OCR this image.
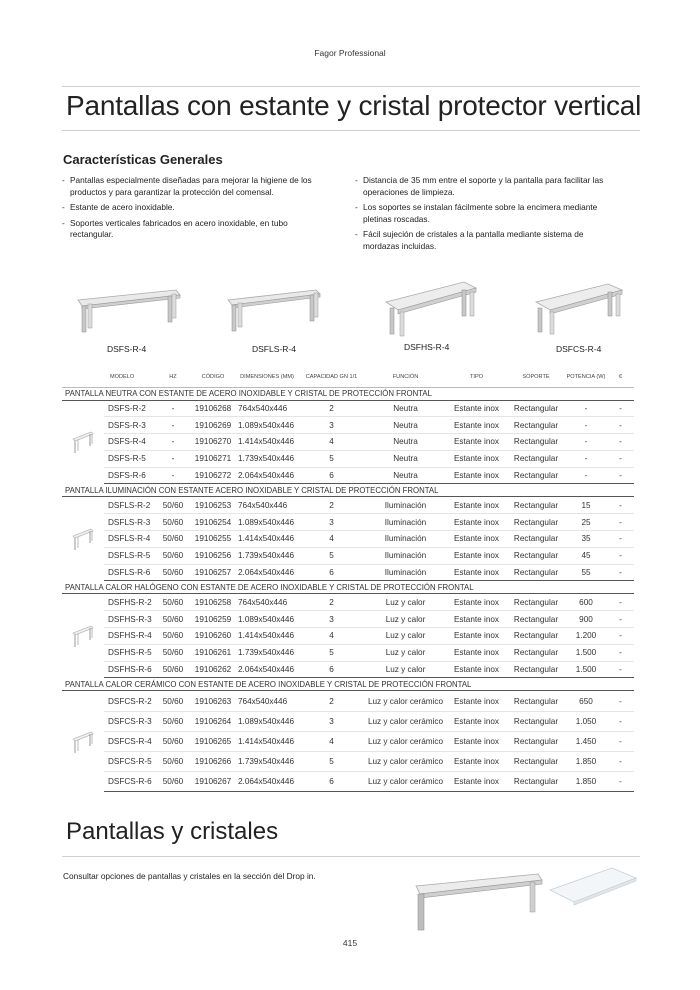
Fagor Professional
Pantallas con estante y cristal protector vertical
Características Generales
- Pantallas especialmente diseñadas para mejorar la higiene de los productos y para garantizar la protección del comensal.
- Estante de acero inoxidable.
- Soportes verticales fabricados en acero inoxidable, en tubo rectangular.
- Distancia de 35 mm entre el soporte y la pantalla para facilitar las operaciones de limpieza.
- Los soportes se instalan fácilmente sobre la encimera mediante pletinas roscadas.
- Fácil sujeción de cristales a la pantalla mediante sistema de mordazas incluidas.
DSFS-R-4	DSFLS-R-4	DSFHS-R-4	DSFCS-R-4
MODELO		HZ	CÓDIGO	DIMENSIONES (MM)	CAPACIDAD GN 1/1	FUNCIÓN	TIPO	SOPORTE	POTENCIA (W)	€
PANTALLA NEUTRA CON ESTANTE DE ACERO INOXIDABLE Y CRISTAL DE PROTECCIÓN FRONTAL										

	DSFS-R-2	-	19106268	764x540x446	2	Neutra	Estante inox	Rectangular	-	-
	DSFS-R-3	-	19106269	1.089x540x446	3	Neutra	Estante inox	Rectangular	-	-
	DSFS-R-4	-	19106270	1.414x540x446	4	Neutra	Estante inox	Rectangular	-	-
	DSFS-R-5	-	19106271	1.739x540x446	5	Neutra	Estante inox	Rectangular	-	-
	DSFS-R-6	-	19106272	2.064x540x446	6	Neutra	Estante inox	Rectangular	-	-
PANTALLA ILUMINACIÓN CON ESTANTE ACERO INOXIDABLE Y CRISTAL DE PROTECCIÓN FRONTAL										

	DSFLS-R-2	50/60	19106253	764x540x446	2	Iluminación	Estante inox	Rectangular	15	-
	DSFLS-R-3	50/60	19106254	1.089x540x446	3	Iluminación	Estante inox	Rectangular	25	-
	DSFLS-R-4	50/60	19106255	1.414x540x446	4	Iluminación	Estante inox	Rectangular	35	-
	DSFLS-R-5	50/60	19106256	1.739x540x446	5	Iluminación	Estante inox	Rectangular	45	-
	DSFLS-R-6	50/60	19106257	2.064x540x446	6	Iluminación	Estante inox	Rectangular	55	-
PANTALLA CALOR HALÓGENO CON ESTANTE DE ACERO INOXIDABLE Y CRISTAL DE PROTECCIÓN FRONTAL										

	DSFHS-R-2	50/60	19106258	764x540x446	2	Luz y calor	Estante inox	Rectangular	600	-
	DSFHS-R-3	50/60	19106259	1.089x540x446	3	Luz y calor	Estante inox	Rectangular	900	-
	DSFHS-R-4	50/60	19106260	1.414x540x446	4	Luz y calor	Estante inox	Rectangular	1.200	-
	DSFHS-R-5	50/60	19106261	1.739x540x446	5	Luz y calor	Estante inox	Rectangular	1.500	-
	DSFHS-R-6	50/60	19106262	2.064x540x446	6	Luz y calor	Estante inox	Rectangular	1.500	-
PANTALLA CALOR CERÁMICO CON ESTANTE DE ACERO INOXIDABLE Y CRISTAL DE PROTECCIÓN FRONTAL										

	DSFCS-R-2	50/60	19106263	764x540x446	2	Luz y calor cerámico	Estante inox	Rectangular	650	-
	DSFCS-R-3	50/60	19106264	1.089x540x446	3	Luz y calor cerámico	Estante inox	Rectangular	1.050	-
	DSFCS-R-4	50/60	19106265	1.414x540x446	4	Luz y calor cerámico	Estante inox	Rectangular	1.450	-
	DSFCS-R-5	50/60	19106266	1.739x540x446	5	Luz y calor cerámico	Estante inox	Rectangular	1.850	-
	DSFCS-R-6	50/60	19106267	2.064x540x446	6	Luz y calor cerámico	Estante inox	Rectangular	1.850	-
Pantallas y cristales

Consultar opciones de pantallas y cristales en la sección del Drop in.

415
